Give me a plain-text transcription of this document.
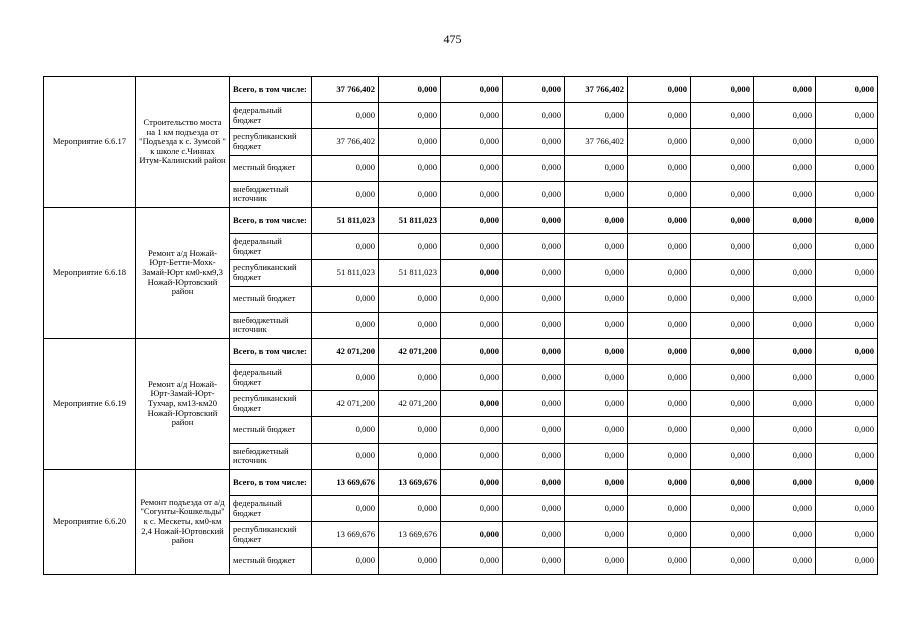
475
Мероприятие 6.6.17	Строительство моста на 1 км подъезда от "Подъезда к с. Зумсой " к школе с.Чиннах Итум-Калинский район	Всего, в том числе:	37 766,402	0,000	0,000	0,000	37 766,402	0,000	0,000	0,000	0,000
		федеральный бюджет	0,000	0,000	0,000	0,000	0,000	0,000	0,000	0,000	0,000
		республиканский бюджет	37 766,402	0,000	0,000	0,000	37 766,402	0,000	0,000	0,000	0,000
		местный бюджет	0,000	0,000	0,000	0,000	0,000	0,000	0,000	0,000	0,000
		внебюджетный источник	0,000	0,000	0,000	0,000	0,000	0,000	0,000	0,000	0,000
Мероприятие 6.6.18	Ремонт а/д Ножай-Юрт-Бетти-Мохк-Замай-Юрт км0-км9,3 Ножай-Юртовский район	Всего, в том числе:	51 811,023	51 811,023	0,000	0,000	0,000	0,000	0,000	0,000	0,000
		федеральный бюджет	0,000	0,000	0,000	0,000	0,000	0,000	0,000	0,000	0,000
		республиканский бюджет	51 811,023	51 811,023	0,000	0,000	0,000	0,000	0,000	0,000	0,000
		местный бюджет	0,000	0,000	0,000	0,000	0,000	0,000	0,000	0,000	0,000
		внебюджетный источник	0,000	0,000	0,000	0,000	0,000	0,000	0,000	0,000	0,000
Мероприятие 6.6.19	Ремонт а/д Ножай-Юрт-Замай-Юрт-Тухчар, км13-км20 Ножай-Юртовский район	Всего, в том числе:	42 071,200	42 071,200	0,000	0,000	0,000	0,000	0,000	0,000	0,000
		федеральный бюджет	0,000	0,000	0,000	0,000	0,000	0,000	0,000	0,000	0,000
		республиканский бюджет	42 071,200	42 071,200	0,000	0,000	0,000	0,000	0,000	0,000	0,000
		местный бюджет	0,000	0,000	0,000	0,000	0,000	0,000	0,000	0,000	0,000
		внебюджетный источник	0,000	0,000	0,000	0,000	0,000	0,000	0,000	0,000	0,000
Мероприятие 6.6.20	Ремонт подъезда от а/д "Согунты-Кошкельды" к с. Мескеты, км0-км 2,4 Ножай-Юртовский район	Всего, в том числе:	13 669,676	13 669,676	0,000	0,000	0,000	0,000	0,000	0,000	0,000
		федеральный бюджет	0,000	0,000	0,000	0,000	0,000	0,000	0,000	0,000	0,000
		республиканский бюджет	13 669,676	13 669,676	0,000	0,000	0,000	0,000	0,000	0,000	0,000
		местный бюджет	0,000	0,000	0,000	0,000	0,000	0,000	0,000	0,000	0,000
